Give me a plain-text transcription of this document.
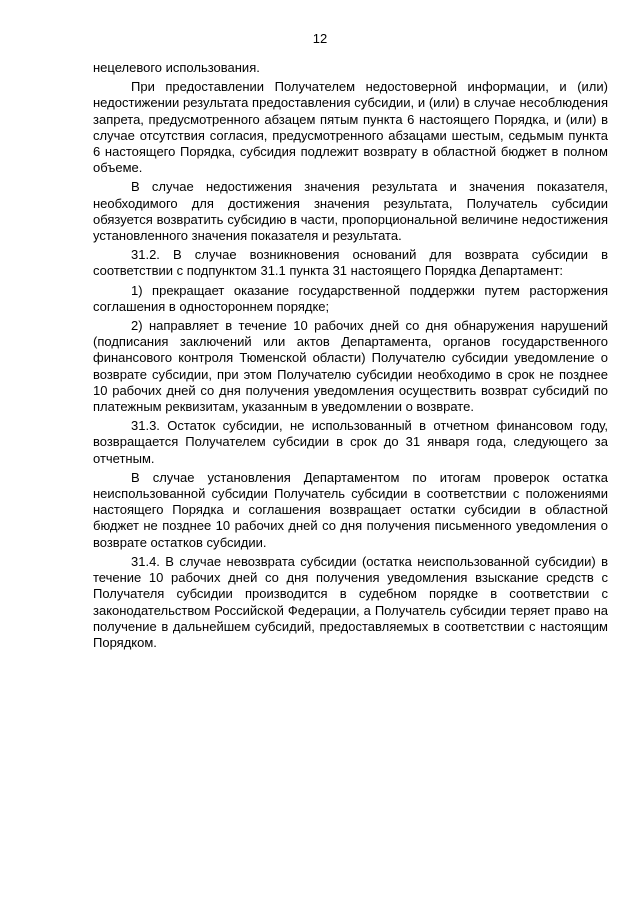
12

нецелевого использования.

При предоставлении Получателем недостоверной информации, и (или) недостижении результата предоставления субсидии, и (или) в случае несоблюдения запрета, предусмотренного абзацем пятым пункта 6 настоящего Порядка, и (или) в случае отсутствия согласия, предусмотренного абзацами шестым, седьмым пункта 6 настоящего Порядка, субсидия подлежит возврату в областной бюджет в полном объеме.

В случае недостижения значения результата и значения показателя, необходимого для достижения значения результата, Получатель субсидии обязуется возвратить субсидию в части, пропорциональной величине недостижения установленного значения показателя и результата.

31.2. В случае возникновения оснований для возврата субсидии в соответствии с подпунктом 31.1 пункта 31 настоящего Порядка Департамент:

1) прекращает оказание государственной поддержки путем расторжения соглашения в одностороннем порядке;

2) направляет в течение 10 рабочих дней со дня обнаружения нарушений (подписания заключений или актов Департамента, органов государственного финансового контроля Тюменской области) Получателю субсидии уведомление о возврате субсидии, при этом Получателю субсидии необходимо в срок не позднее 10 рабочих дней со дня получения уведомления осуществить возврат субсидий по платежным реквизитам, указанным в уведомлении о возврате.

31.3. Остаток субсидии, не использованный в отчетном финансовом году, возвращается Получателем субсидии в срок до 31 января года, следующего за отчетным.

В случае установления Департаментом по итогам проверок остатка неиспользованной субсидии Получатель субсидии в соответствии с положениями настоящего Порядка и соглашения возвращает остатки субсидии в областной бюджет не позднее 10 рабочих дней со дня получения письменного уведомления о возврате остатков субсидии.

31.4. В случае невозврата субсидии (остатка неиспользованной субсидии) в течение 10 рабочих дней со дня получения уведомления взыскание средств с Получателя субсидии производится в судебном порядке в соответствии с законодательством Российской Федерации, а Получатель субсидии теряет право на получение в дальнейшем субсидий, предоставляемых в соответствии с настоящим Порядком.
